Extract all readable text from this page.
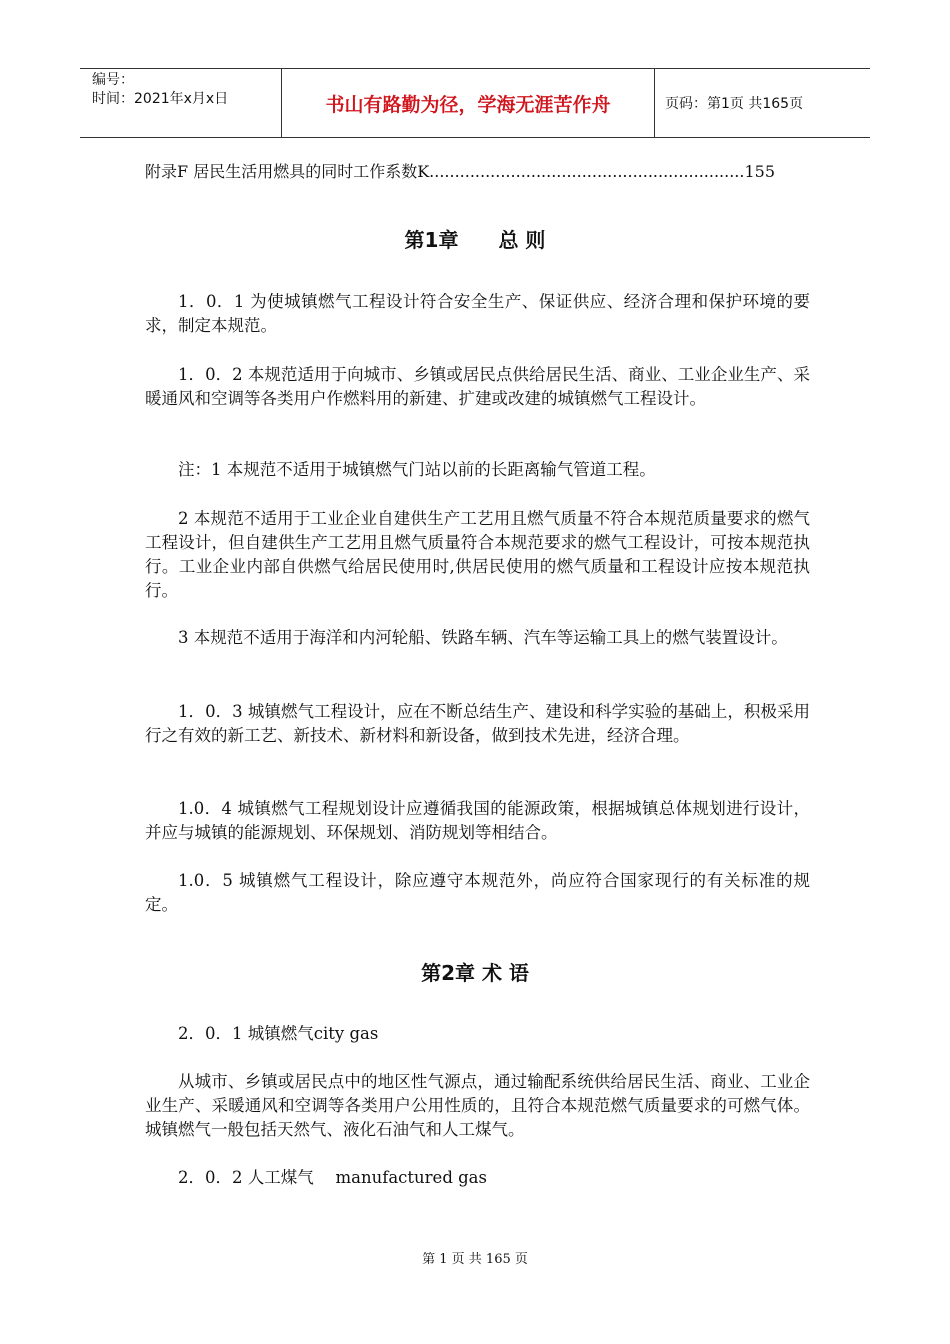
编号：
时间：2021年x月x日	书山有路勤为径，学海无涯苦作舟	页码：第1页 共165页
附录F 居民生活用燃具的同时工作系数K..............................................................155
第1章　　总 则
1．0．1 为使城镇燃气工程设计符合安全生产、保证供应、经济合理和保护环境的要求，制定本规范。
1．0．2 本规范适用于向城市、乡镇或居民点供给居民生活、商业、工业企业生产、采暖通风和空调等各类用户作燃料用的新建、扩建或改建的城镇燃气工程设计。
注：1 本规范不适用于城镇燃气门站以前的长距离输气管道工程。
2 本规范不适用于工业企业自建供生产工艺用且燃气质量不符合本规范质量要求的燃气工程设计，但自建供生产工艺用且燃气质量符合本规范要求的燃气工程设计，可按本规范执行。工业企业内部自供燃气给居民使用时,供居民使用的燃气质量和工程设计应按本规范执行。
3 本规范不适用于海洋和内河轮船、铁路车辆、汽车等运输工具上的燃气装置设计。
1．0．3 城镇燃气工程设计，应在不断总结生产、建设和科学实验的基础上，积极采用行之有效的新工艺、新技术、新材料和新设备，做到技术先进，经济合理。
1.0．4 城镇燃气工程规划设计应遵循我国的能源政策，根据城镇总体规划进行设计，并应与城镇的能源规划、环保规划、消防规划等相结合。
1.0．5 城镇燃气工程设计，除应遵守本规范外，尚应符合国家现行的有关标准的规定。
第2章 术 语
2．0．1 城镇燃气city gas
从城市、乡镇或居民点中的地区性气源点，通过输配系统供给居民生活、商业、工业企业生产、采暖通风和空调等各类用户公用性质的，且符合本规范燃气质量要求的可燃气体。城镇燃气一般包括天然气、液化石油气和人工煤气。
2．0．2 人工煤气　 manufactured gas
第 1 页 共 165 页
